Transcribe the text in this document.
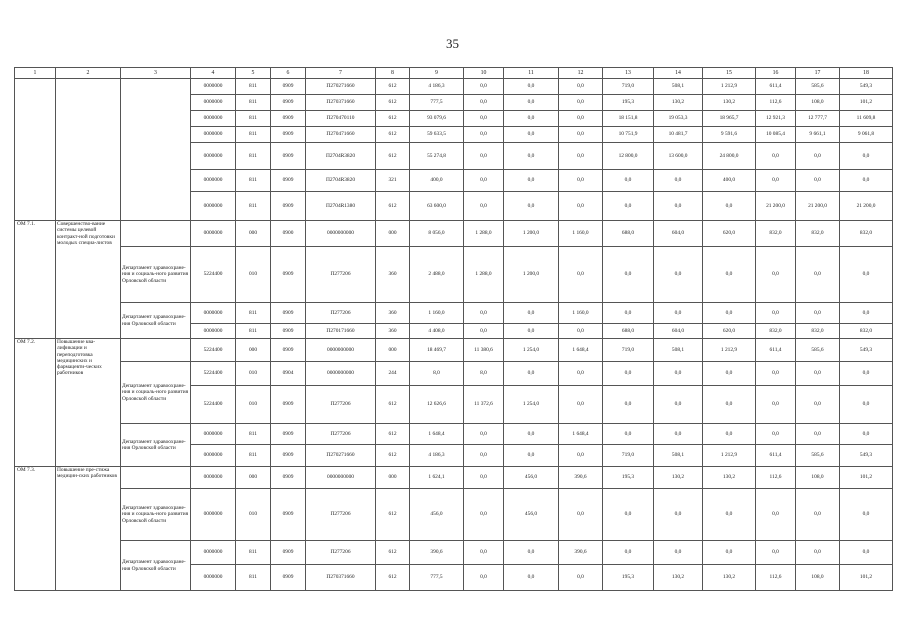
35
1	2	3	4	5	6	7	8	9	10	11	12	13	14	15	16	17	18
			0000000	811	0909	П270271660	612	4 186,3	0,0	0,0	0,0	719,0	508,1	1 212,9	611,4	585,6	549,3
			0000000	811	0909	П270371660	612	777,5	0,0	0,0	0,0	195,3	130,2	130,2	112,6	108,0	101,2
			0000000	811	0909	П270470110	612	93 079,6	0,0	0,0	0,0	18 151,8	19 053,3	18 965,7	12 921,3	12 777,7	11 609,8
			0000000	811	0909	П270471660	612	59 633,5	0,0	0,0	0,0	10 751,9	10 481,7	9 591,6	10 085,4	9 661,1	9 061,8
			0000000	811	0909	П2704R3820	612	55 274,8	0,0	0,0	0,0	12 800,0	13 600,0	24 800,0	0,0	0,0	0,0
			0000000	811	0909	П2704R3820	321	400,0	0,0	0,0	0,0	0,0	0,0	400,0	0,0	0,0	0,0
			0000000	811	0909	П2704R1380	612	63 600,0	0,0	0,0	0,0	0,0	0,0	0,0	21 200,0	21 200,0	21 200,0
ОМ 7.1.	Совершенство-вание системы целевой контракт-ной подготовки молодых специа-листов		0000000	000	0900	0000000000	000	8 056,0	1 288,0	1 200,0	1 160,0	688,0	604,0	620,0	832,0	832,0	832,0
		Департамент здравоохране-ния и социаль-ного развития Орловской области	5224400	010	0909	П277206	360	2 488,0	1 288,0	1 200,0	0,0	0,0	0,0	0,0	0,0	0,0	0,0
		Департамент здравоохране-ния Орловской области	0000000	811	0909	П277206	360	1 160,0	0,0	0,0	1 160,0	0,0	0,0	0,0	0,0	0,0	0,0
			0000000	811	0909	П270171660	360	4 408,0	0,0	0,0	0,0	688,0	604,0	620,0	832,0	832,0	832,0
ОМ 7.2.	Повышение ква-лификации и переподготовка медицинских и фармацевти-ческих работников		5224400	000	0909	0000000000	000	18 469,7	11 380,6	1 254,0	1 648,4	719,0	508,1	1 212,9	611,4	585,6	549,3
		Департамент здравоохране-ния и социаль-ного развития Орловской области	5224400	010	0904	0000000000	244	8,0	8,0	0,0	0,0	0,0	0,0	0,0	0,0	0,0	0,0
			5224400	010	0909	П277206	612	12 626,6	11 372,6	1 254,0	0,0	0,0	0,0	0,0	0,0	0,0	0,0
		Департамент здравоохране-ния Орловской области	0000000	811	0909	П277206	612	1 648,4	0,0	0,0	1 648,4	0,0	0,0	0,0	0,0	0,0	0,0
			0000000	811	0909	П270271660	612	4 186,3	0,0	0,0	0,0	719,0	508,1	1 212,9	611,4	585,6	549,3
ОМ 7.3.	Повышение пре-стижа медицин-ских работников		0000000	000	0909	0000000000	000	1 624,1	0,0	456,0	390,6	195,3	130,2	130,2	112,6	108,0	101,2
		Департамент здравоохране-ния и социаль-ного развития Орловской области	0000000	010	0909	П277206	612	456,0	0,0	456,0	0,0	0,0	0,0	0,0	0,0	0,0	0,0
		Департамент здравоохране-ния Орловской области	0000000	811	0909	П277206	612	390,6	0,0	0,0	390,6	0,0	0,0	0,0	0,0	0,0	0,0
			0000000	811	0909	П270371660	612	777,5	0,0	0,0	0,0	195,3	130,2	130,2	112,6	108,0	101,2
